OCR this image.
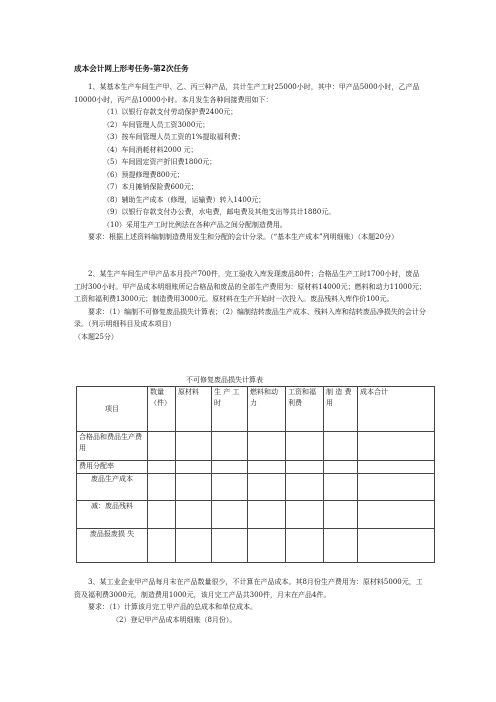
成本会计网上形考任务-第2次任务

1、某基本生产车间生产甲、乙、丙三种产品，共计生产工时25000小时，其中：甲产品5000小时，乙产品10000小时，丙产品10000小时。本月发生各种间接费用如下：

（1）以银行存款支付劳动保护费2400元；

（2）车间管理人员工资3000元；

（3）按车间管理人员工资的1%提取福利费；

（4）车间消耗材料2000 元；

（5）车间固定资产折旧费1800元；

（6）预提修理费800元；

（7）本月摊销保险费600元；

（8）辅助生产成本（修理，运输费）转入1400元；

（9）以银行存款支付办公费，水电费，邮电费及其他支出等共计1880元。

（10）采用生产工时比例法在各种产品之间分配制造费用。

要求：根据上述资料编制制造费用发生和分配的会计分录。（“基本生产成本”列明细账）（本题20分）

2、某生产车间生产甲产品本月投产700件，完工验收入库发现废品80件；合格品生产工时1700小时，废品工时300小时。甲产品成本明细账所记合格品和废品的全部生产费用为：原材料14000元；燃料和动力11000元；工资和福利费13000元；制造费用3000元。原材料在生产开始时一次投入。废品残料入库作价100元。

要求：（1）编制不可修复废品损失计算表；（2）编制结转废品生产成本、残料入库和结转废品净损失的会计分录。（列示明细科目及成本项目）

（本题25分）

不可修复废品损失计算表
项目	数量（件）	原材料	生 产 工时	燃料和动力	工资和福利费	制 造 费用	成本合计
合格品和费品生产费用							
费用分配率							
废品生产成本							
减：废品残料							
废品报废损 失							

3、某工业企业甲产品每月末在产品数量很少，不计算在产品成本。其8月份生产费用为：原材料5000元，工资及福利费3000元，制造费用1000元，该月完工产品共300件，月末在产品4件。

要求：（1）计算该月完工甲产品的总成本和单位成本。

（2）登记甲产品成本明细账（8月份）。
